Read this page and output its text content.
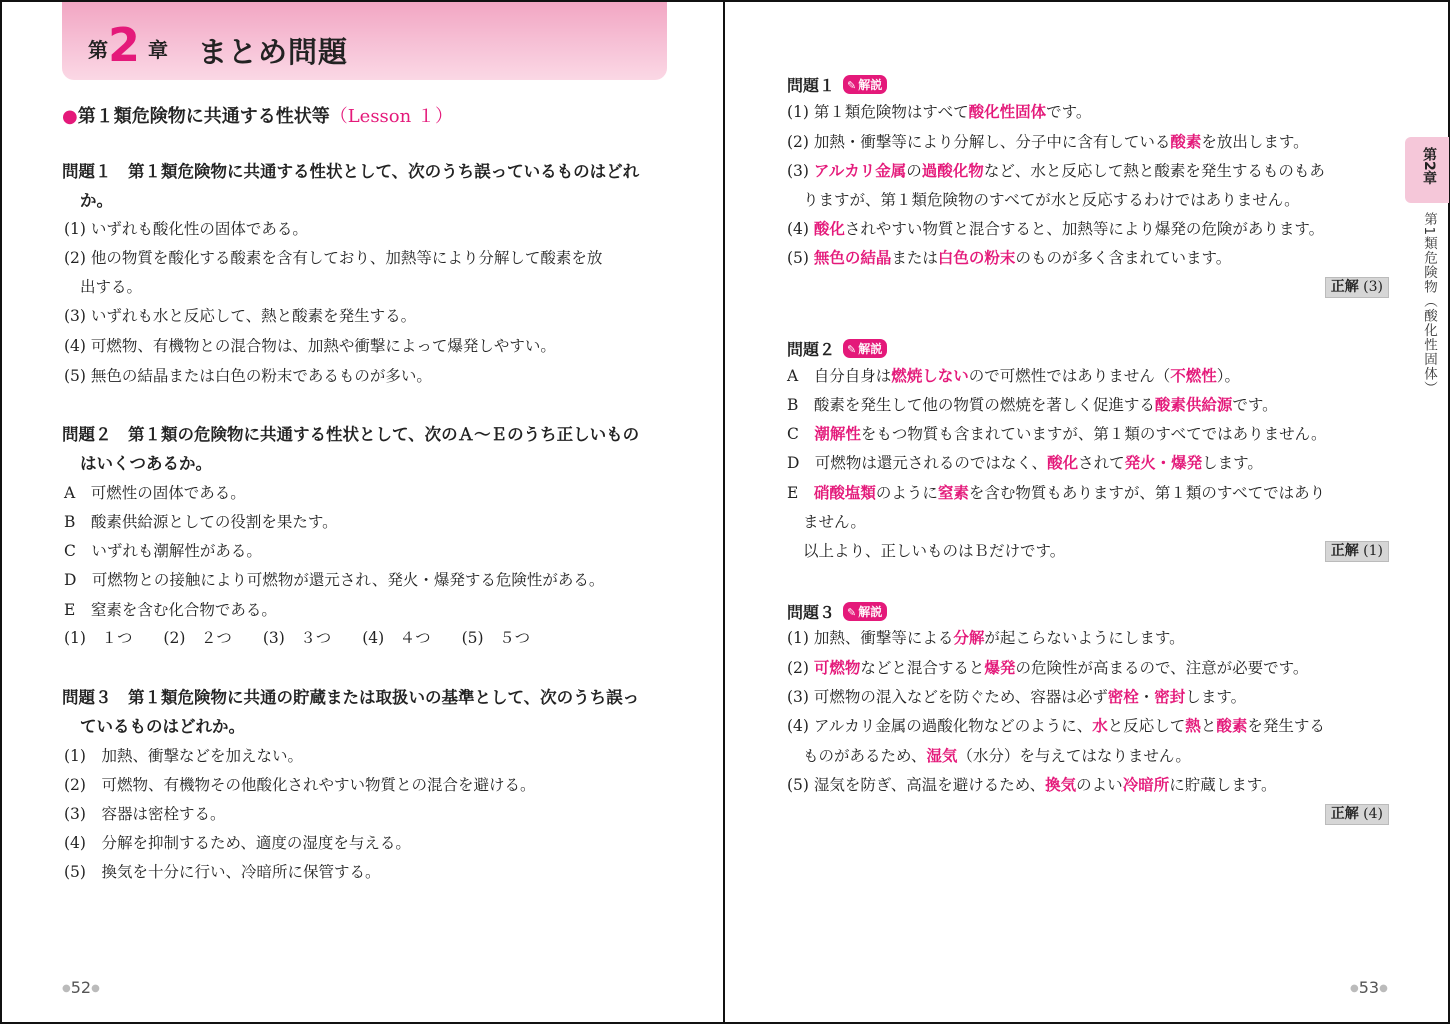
第 2 章 まとめ問題
●第１類危険物に共通する性状等（Lesson １）
問題１　第１類危険物に共通する性状として、次のうち誤っているものはどれ
か。
(1) いずれも酸化性の固体である。
(2) 他の物質を酸化する酸素を含有しており、加熱等により分解して酸素を放
出する。
(3) いずれも水と反応して、熱と酸素を発生する。
(4) 可燃物、有機物との混合物は、加熱や衝撃によって爆発しやすい。
(5) 無色の結晶または白色の粉末であるものが多い。
問題２　第１類の危険物に共通する性状として、次のＡ～Ｅのうち正しいもの
はいくつあるか。
A　可燃性の固体である。
B　酸素供給源としての役割を果たす。
C　いずれも潮解性がある。
D　可燃物との接触により可燃物が還元され、発火・爆発する危険性がある。
E　窒素を含む化合物である。
(1)　１つ (2)　２つ (3)　３つ (4)　４つ (5)　５つ
問題３　第１類危険物に共通の貯蔵または取扱いの基準として、次のうち誤っ
ているものはどれか。
(1)　加熱、衝撃などを加えない。
(2)　可燃物、有機物その他酸化されやすい物質との混合を避ける。
(3)　容器は密栓する。
(4)　分解を抑制するため、適度の湿度を与える。
(5)　換気を十分に行い、冷暗所に保管する。
●52●
問題１ ✎ 解説
(1) 第１類危険物はすべて酸化性固体です。
(2) 加熱・衝撃等により分解し、分子中に含有している酸素を放出します。
(3) アルカリ金属の過酸化物など、水と反応して熱と酸素を発生するものもあ
りますが、第１類危険物のすべてが水と反応するわけではありません。
(4) 酸化されやすい物質と混合すると、加熱等により爆発の危険があります。
(5) 無色の結晶または白色の粉末のものが多く含まれています。
正解 (3)
問題２ ✎ 解説
A　自分自身は燃焼しないので可燃性ではありません（不燃性）。
B　酸素を発生して他の物質の燃焼を著しく促進する酸素供給源です。
C　潮解性をもつ物質も含まれていますが、第１類のすべてではありません。
D　可燃物は還元されるのではなく、酸化されて発火・爆発します。
E　硝酸塩類のように窒素を含む物質もありますが、第１類のすべてではあり
ません。
以上より、正しいものはＢだけです。	正解 (1)
問題３ ✎ 解説
(1) 加熱、衝撃等による分解が起こらないようにします。
(2) 可燃物などと混合すると爆発の危険性が高まるので、注意が必要です。
(3) 可燃物の混入などを防ぐため、容器は必ず密栓・密封します。
(4) アルカリ金属の過酸化物などのように、水と反応して熱と酸素を発生する
ものがあるため、湿気（水分）を与えてはなりません。
(5) 湿気を防ぎ、高温を避けるため、換気のよい冷暗所に貯蔵します。
正解 (4)
第2章
第1類危険物（酸化性固体）
●53●
